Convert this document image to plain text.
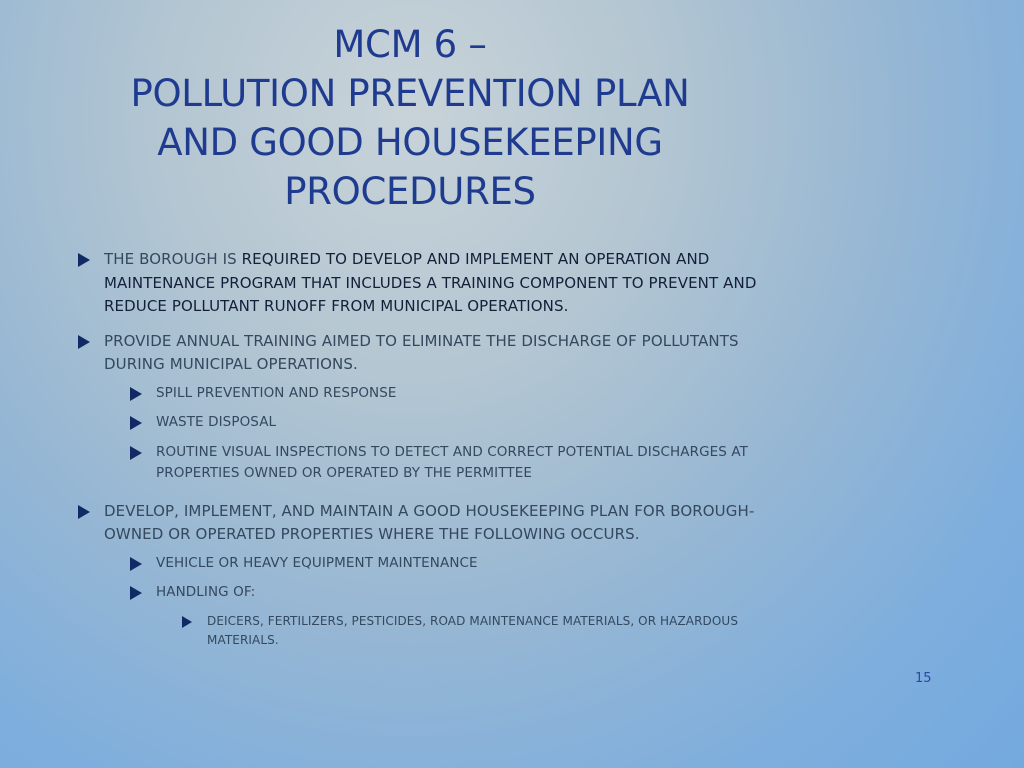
MCM 6 –
POLLUTION PREVENTION PLAN
AND GOOD HOUSEKEEPING
PROCEDURES
THE BOROUGH IS REQUIRED TO DEVELOP AND IMPLEMENT AN OPERATION AND MAINTENANCE PROGRAM THAT INCLUDES A TRAINING COMPONENT TO PREVENT AND REDUCE POLLUTANT RUNOFF FROM MUNICIPAL OPERATIONS.
PROVIDE ANNUAL TRAINING AIMED TO ELIMINATE THE DISCHARGE OF POLLUTANTS DURING MUNICIPAL OPERATIONS.
SPILL PREVENTION AND RESPONSE
WASTE DISPOSAL
ROUTINE VISUAL INSPECTIONS TO DETECT AND CORRECT POTENTIAL DISCHARGES AT PROPERTIES OWNED OR OPERATED BY THE PERMITTEE
DEVELOP, IMPLEMENT, AND MAINTAIN A GOOD HOUSEKEEPING PLAN FOR BOROUGH-OWNED OR OPERATED PROPERTIES WHERE THE FOLLOWING OCCURS.
VEHICLE OR HEAVY EQUIPMENT MAINTENANCE
HANDLING OF:
DEICERS, FERTILIZERS, PESTICIDES, ROAD MAINTENANCE MATERIALS, OR HAZARDOUS MATERIALS.
15
